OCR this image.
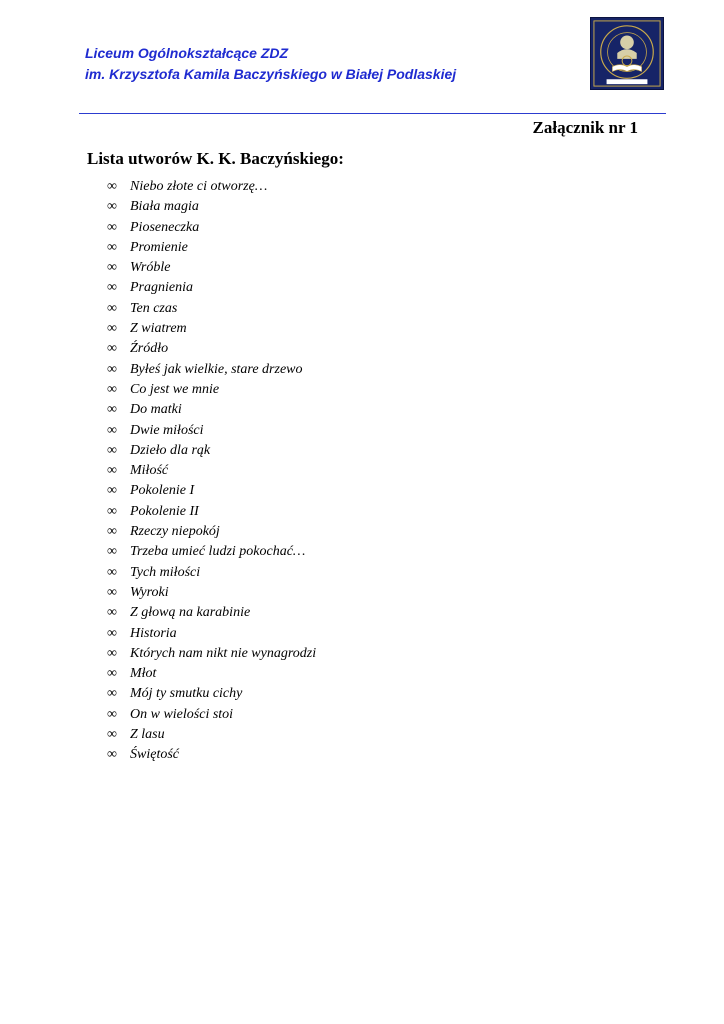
Liceum Ogólnokształcące ZDZ
im. Krzysztofa Kamila Baczyńskiego w Białej Podlaskiej
Załącznik nr 1
Lista utworów K. K. Baczyńskiego:
∞ Niebo złote ci otworzę…
∞ Biała magia
∞ Pioseneczka
∞ Promienie
∞ Wróble
∞ Pragnienia
∞ Ten czas
∞ Z wiatrem
∞ Źródło
∞ Byłeś jak wielkie, stare drzewo
∞ Co jest we mnie
∞ Do matki
∞ Dwie miłości
∞ Dzieło dla rąk
∞ Miłość
∞ Pokolenie I
∞ Pokolenie II
∞ Rzeczy niepokój
∞ Trzeba umieć ludzi pokochać…
∞ Tych miłości
∞ Wyroki
∞ Z głową na karabinie
∞ Historia
∞ Których nam nikt nie wynagrodzi
∞ Młot
∞ Mój ty smutku cichy
∞ On w wielości stoi
∞ Z lasu
∞ Świętość
